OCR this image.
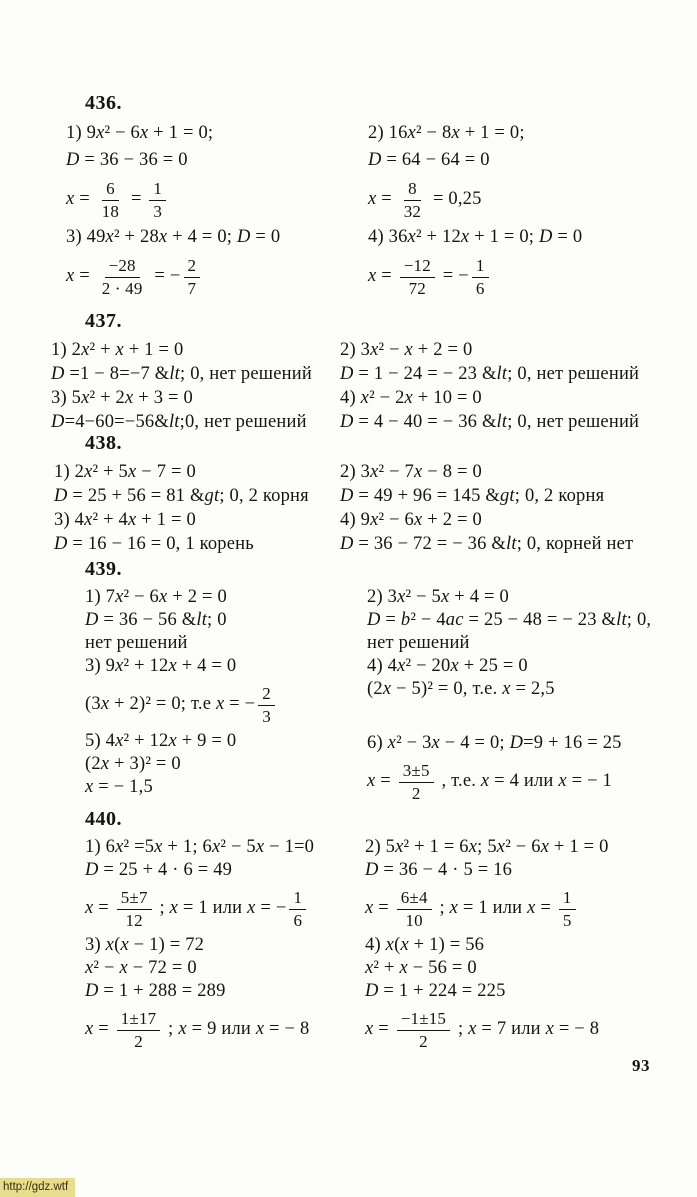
436.
1) 9x² − 6x + 1 = 0;
D = 36 − 36 = 0
$x = \frac{6}{18} = \frac{1}{3}$
3) 49x² + 28x + 4 = 0; D = 0
$x = \frac{-28}{2 \cdot 49}$ = − $\frac{2}{7}$
2) 16x² − 8x + 1 = 0;
D = 64 − 64 = 0
$x = \frac{8}{32} = 0,25$
4) 36x² + 12x + 1 = 0; D = 0
$x = \frac{-12}{72}$ = − $\frac{1}{6}$
437.
1) 2x² + x + 1 = 0
D =1 − 8=−7 &lt; 0, нет решений
3) 5x² + 2x + 3 = 0
D=4−60=−56&lt;0, нет решений
2) 3x² − x + 2 = 0
D = 1 − 24 = − 23 &lt; 0, нет решений
4) x² − 2x + 10 = 0
D = 4 − 40 = − 36 &lt; 0, нет решений
438.
1) 2x² + 5x − 7 = 0
D = 25 + 56 = 81 &gt; 0, 2 корня
3) 4x² + 4x + 1 = 0
D = 16 − 16 = 0, 1 корень
2) 3x² − 7x − 8 = 0
D = 49 + 96 = 145 &gt; 0, 2 корня
4) 9x² − 6x + 2 = 0
D = 36 − 72 = − 36 &lt; 0, корней нет
439.
1) 7x² − 6x + 2 = 0
D = 36 − 56 &lt; 0
нет решений
3) 9x² + 12x + 4 = 0
(3x + 2)² = 0; т.е x = − $\frac{2}{3}$
5) 4x² + 12x + 9 = 0
(2x + 3)² = 0
x = − 1,5
2) 3x² − 5x + 4 = 0
D = b² − 4ac = 25 − 48 = − 23 &lt; 0,
нет решений
4) 4x² − 20x + 25 = 0
(2x − 5)² = 0, т.е. x = 2,5
6) x² − 3x − 4 = 0; D=9 + 16 = 25
$x = \frac{3\pm 5}{2}$ , т.е. x = 4 или x = − 1
440.
1) 6x² =5x + 1; 6x² − 5x − 1=0
D = 25 + 4 · 6 = 49
$x = \frac{5\pm 7}{12}$ ; x = 1 или x = − $\frac{1}{6}$
3) x(x − 1) = 72
x² − x − 72 = 0
D = 1 + 288 = 289
$x = \frac{1\pm 17}{2}$ ; x = 9 или x = − 8
2) 5x² + 1 = 6x; 5x² − 6x + 1 = 0
D = 36 − 4 · 5 = 16
$x = \frac{6\pm 4}{10}$ ; x = 1 или $x = \frac{1}{5}$
4) x(x + 1) = 56
x² + x − 56 = 0
D = 1 + 224 = 225
$x = \frac{-1\pm 15}{2}$ ; x = 7 или x = − 8
93
http://gdz.wtf
